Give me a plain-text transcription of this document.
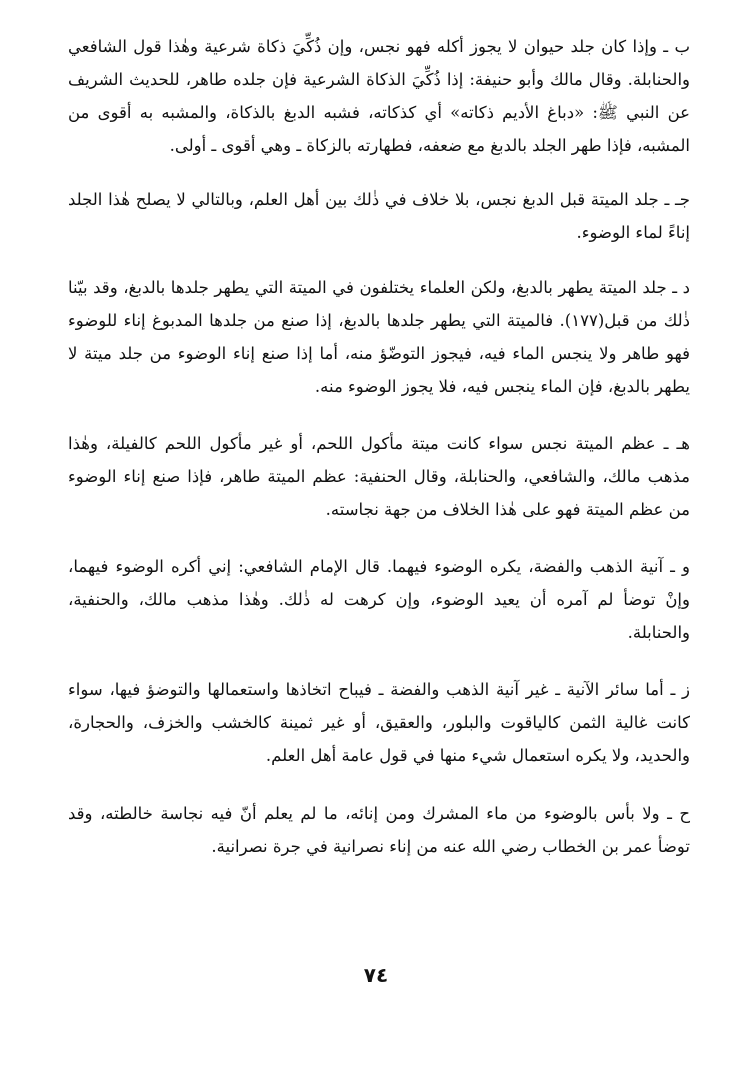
ب ـ وإذا كان جلد حيوان لا يجوز أكله فهو نجس، وإن ذُكِّيَ ذكاة شرعية وهٰذا قول الشافعي والحنابلة. وقال مالك وأبو حنيفة: إذا ذُكِّيَ الذكاة الشرعية فإن جلده طاهر، للحديث الشريف عن النبي ﷺ: «دباغ الأديم ذكاته» أي كذكاته، فشبه الدبغ بالذكاة، والمشبه به أقوى من المشبه، فإذا طهر الجلد بالدبغ مع ضعفه، فطهارته بالزكاة ـ وهي أقوى ـ أولى.

جـ ـ جلد الميتة قبل الدبغ نجس، بلا خلاف في ذٰلك بين أهل العلم، وبالتالي لا يصلح هٰذا الجلد إناءً لماء الوضوء.

د ـ جلد الميتة يطهر بالدبغ، ولكن العلماء يختلفون في الميتة التي يطهر جلدها بالدبغ، وقد بيّنا ذٰلك من قبل(١٧٧). فالميتة التي يطهر جلدها بالدبغ، إذا صنع من جلدها المدبوغ إناء للوضوء فهو طاهر ولا ينجس الماء فيه، فيجوز التوضّؤ منه، أما إذا صنع إناء الوضوء من جلد ميتة لا يطهر بالدبغ، فإن الماء ينجس فيه، فلا يجوز الوضوء منه.

هـ ـ عظم الميتة نجس سواء كانت ميتة مأكول اللحم، أو غير مأكول اللحم كالفيلة، وهٰذا مذهب مالك، والشافعي، والحنابلة، وقال الحنفية: عظم الميتة طاهر، فإذا صنع إناء الوضوء من عظم الميتة فهو على هٰذا الخلاف من جهة نجاسته.

و ـ آنية الذهب والفضة، يكره الوضوء فيهما. قال الإمام الشافعي: إني أكره الوضوء فيهما، وإنْ توضأ لم آمره أن يعيد الوضوء، وإن كرهت له ذٰلك. وهٰذا مذهب مالك، والحنفية، والحنابلة.

ز ـ أما سائر الآنية ـ غير آنية الذهب والفضة ـ فيباح اتخاذها واستعمالها والتوضؤ فيها، سواء كانت غالية الثمن كالياقوت والبلور، والعقيق، أو غير ثمينة كالخشب والخزف، والحجارة، والحديد، ولا يكره استعمال شيء منها في قول عامة أهل العلم.

ح ـ ولا بأس بالوضوء من ماء المشرك ومن إنائه، ما لم يعلم أنّ فيه نجاسة خالطته، وقد توضأ عمر بن الخطاب رضي الله عنه من إناء نصرانية في جرة نصرانية.

٧٤
